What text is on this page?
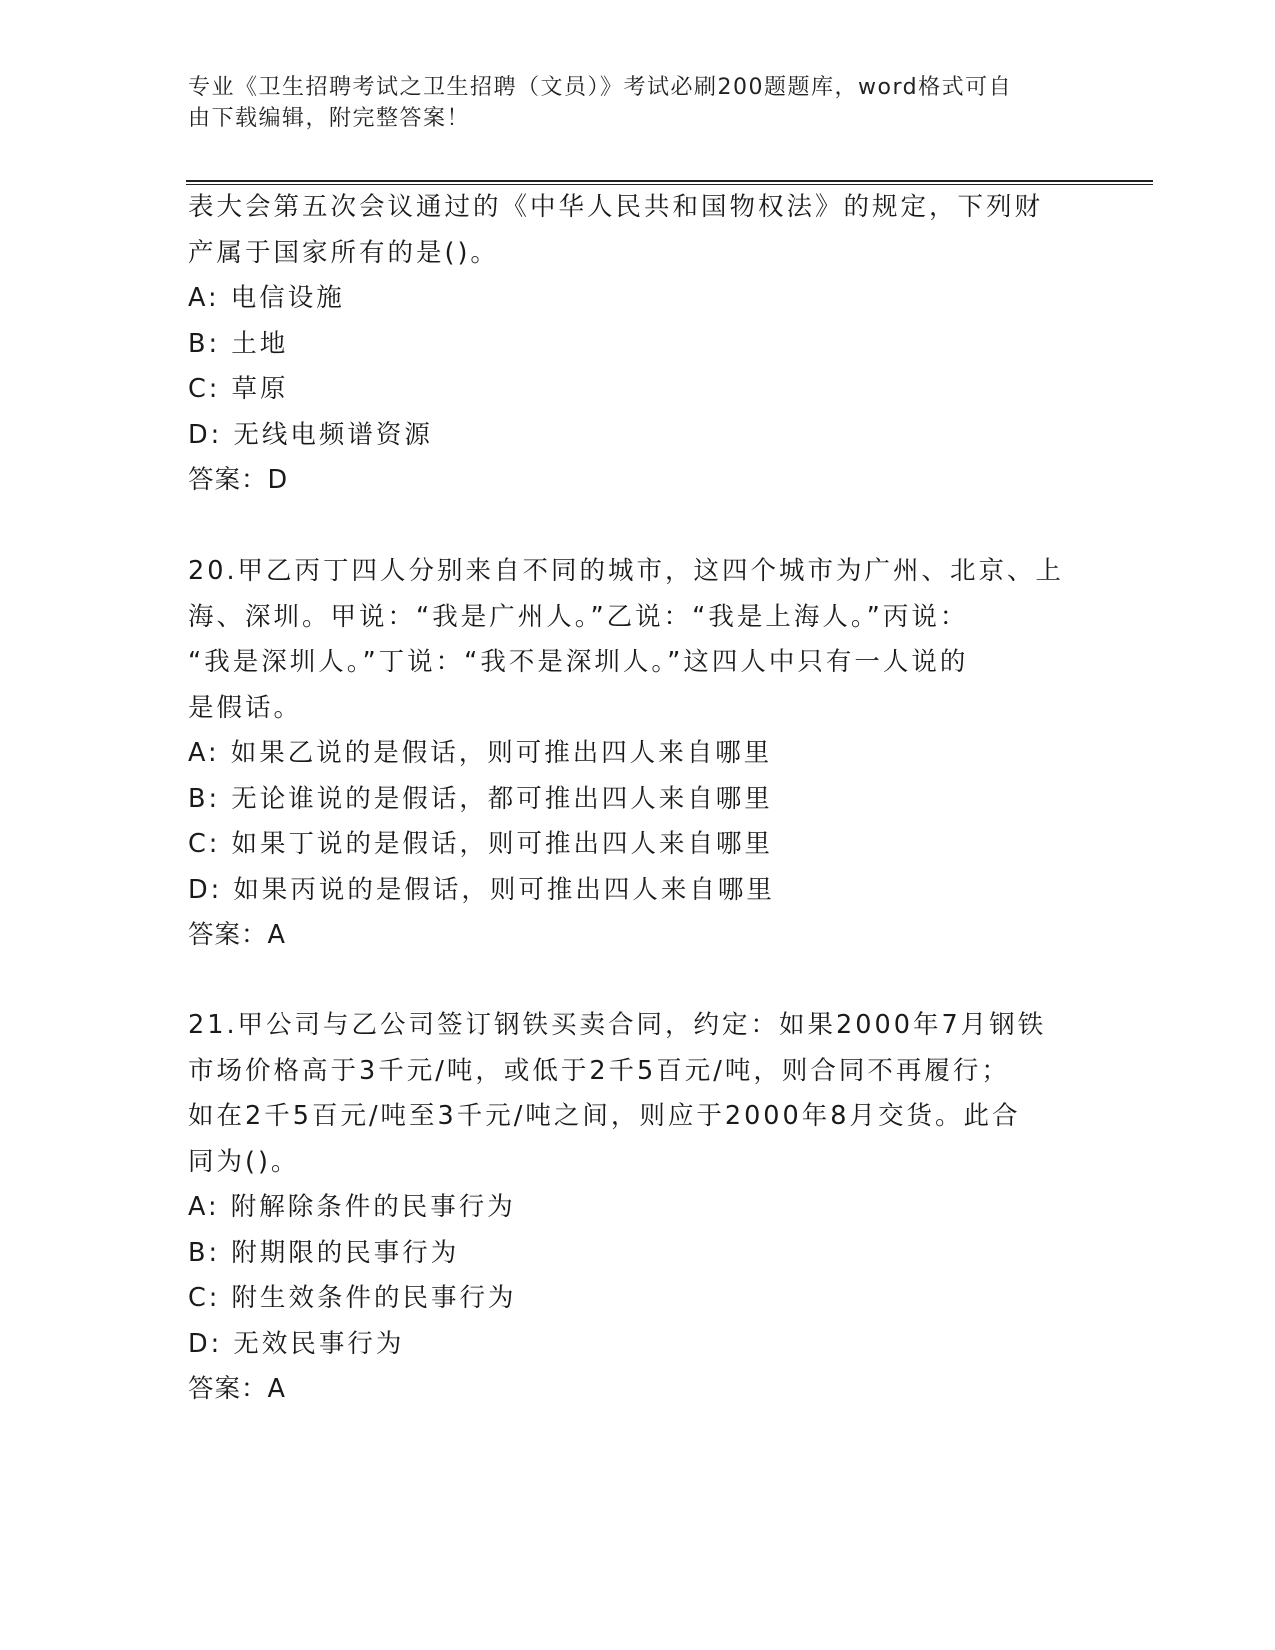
专业《卫生招聘考试之卫生招聘（文员）》考试必刷200题题库，word格式可自
由下载编辑，附完整答案！
表大会第五次会议通过的《中华人民共和国物权法》的规定，下列财
产属于国家所有的是()。
A: 电信设施
B: 土地
C: 草原
D: 无线电频谱资源
答案：D
20.甲乙丙丁四人分别来自不同的城市，这四个城市为广州、北京、上
海、深圳。甲说：“我是广州人。”乙说：“我是上海人。”丙说：
“我是深圳人。”丁说：“我不是深圳人。”这四人中只有一人说的
是假话。
A: 如果乙说的是假话，则可推出四人来自哪里
B: 无论谁说的是假话，都可推出四人来自哪里
C: 如果丁说的是假话，则可推出四人来自哪里
D: 如果丙说的是假话，则可推出四人来自哪里
答案：A
21.甲公司与乙公司签订钢铁买卖合同，约定：如果2000年7月钢铁
市场价格高于3千元/吨，或低于2千5百元/吨，则合同不再履行；
如在2千5百元/吨至3千元/吨之间，则应于2000年8月交货。此合
同为()。
A: 附解除条件的民事行为
B: 附期限的民事行为
C: 附生效条件的民事行为
D: 无效民事行为
答案：A
